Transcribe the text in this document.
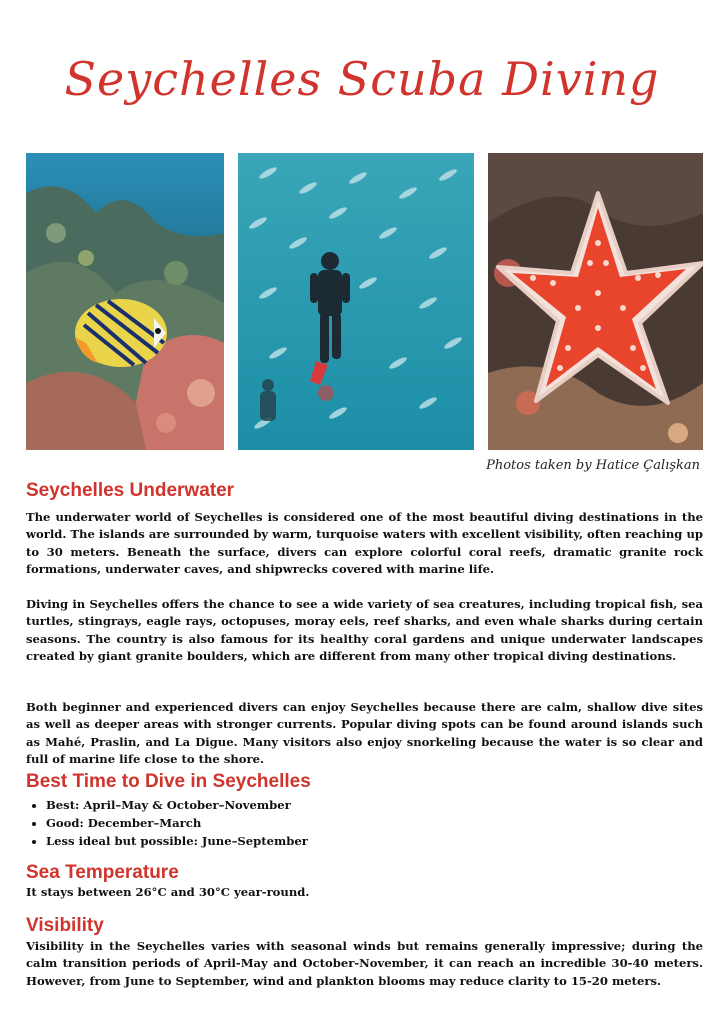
Seychelles Scuba Diving
Photos taken by Hatice Çalışkan
Seychelles Underwater

The underwater world of Seychelles is considered one of the most beautiful diving destinations in the world. The islands are surrounded by warm, turquoise waters with excellent visibility, often reaching up to 30 meters. Beneath the surface, divers can explore colorful coral reefs, dramatic granite rock formations, underwater caves, and shipwrecks covered with marine life.

Diving in Seychelles offers the chance to see a wide variety of sea creatures, including tropical fish, sea turtles, stingrays, eagle rays, octopuses, moray eels, reef sharks, and even whale sharks during certain seasons. The country is also famous for its healthy coral gardens and unique underwater landscapes created by giant granite boulders, which are different from many other tropical diving destinations.

Both beginner and experienced divers can enjoy Seychelles because there are calm, shallow dive sites as well as deeper areas with stronger currents. Popular diving spots can be found around islands such as Mahé, Praslin, and La Digue. Many visitors also enjoy snorkeling because the water is so clear and full of marine life close to the shore.

Best Time to Dive in Seychelles
• Best: April–May & October–November
• Good: December–March
• Less ideal but possible: June–September
Sea Temperature

It stays between 26°C and 30°C year-round.

Visibility

Visibility in the Seychelles varies with seasonal winds but remains generally impressive; during the calm transition periods of April-May and October-November, it can reach an incredible 30-40 meters. However, from June to September, wind and plankton blooms may reduce clarity to 15-20 meters.
